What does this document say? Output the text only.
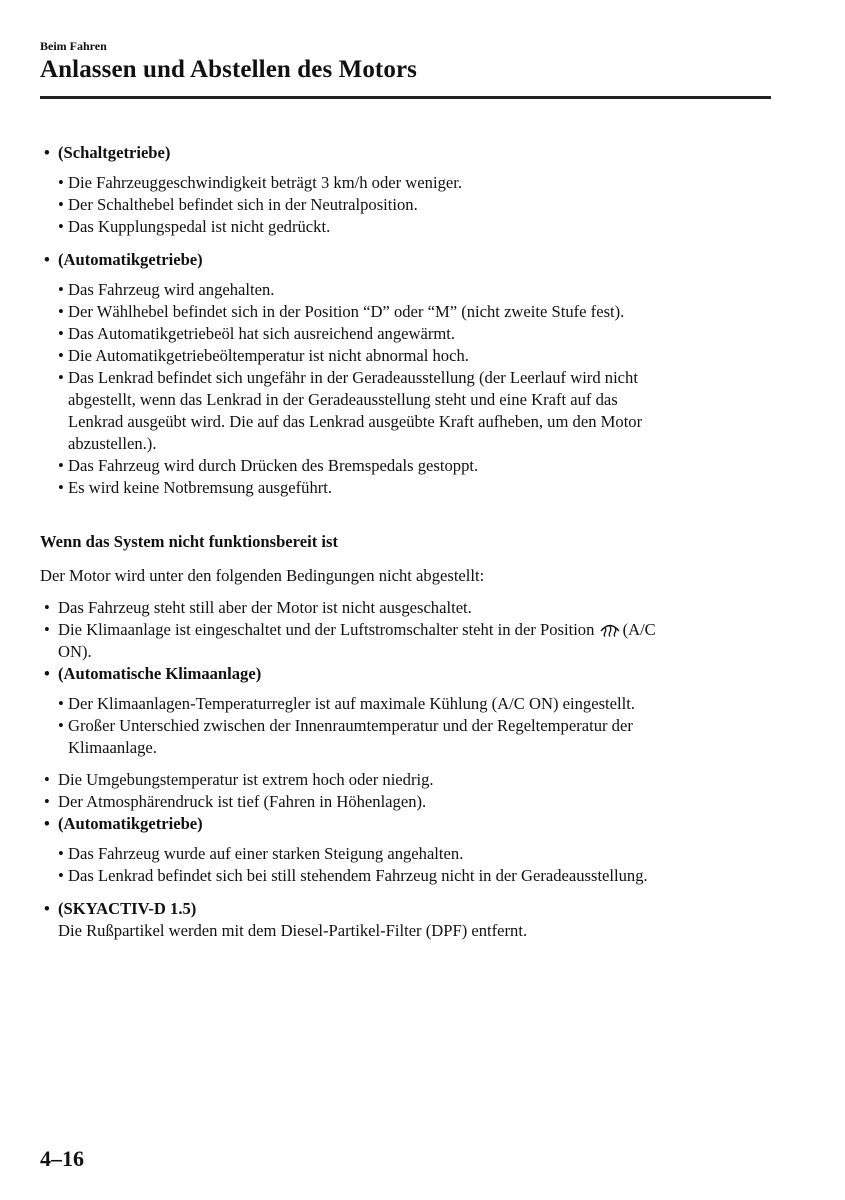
Beim Fahren
Anlassen und Abstellen des Motors
• (Schaltgetriebe)
• Die Fahrzeuggeschwindigkeit beträgt 3 km/h oder weniger.
• Der Schalthebel befindet sich in der Neutralposition.
• Das Kupplungspedal ist nicht gedrückt.
• (Automatikgetriebe)
• Das Fahrzeug wird angehalten.
• Der Wählhebel befindet sich in der Position “D” oder “M” (nicht zweite Stufe fest).
• Das Automatikgetriebeöl hat sich ausreichend angewärmt.
• Die Automatikgetriebeöltemperatur ist nicht abnormal hoch.
• Das Lenkrad befindet sich ungefähr in der Geradeausstellung (der Leerlauf wird nicht
abgestellt, wenn das Lenkrad in der Geradeausstellung steht und eine Kraft auf das
Lenkrad ausgeübt wird. Die auf das Lenkrad ausgeübte Kraft aufheben, um den Motor
abzustellen.).
• Das Fahrzeug wird durch Drücken des Bremspedals gestoppt.
• Es wird keine Notbremsung ausgeführt.
Wenn das System nicht funktionsbereit ist
Der Motor wird unter den folgenden Bedingungen nicht abgestellt:
• Das Fahrzeug steht still aber der Motor ist nicht ausgeschaltet.
• Die Klimaanlage ist eingeschaltet und der Luftstromschalter steht in der Position (A/C
ON).
• (Automatische Klimaanlage)
• Der Klimaanlagen-Temperaturregler ist auf maximale Kühlung (A/C ON) eingestellt.
• Großer Unterschied zwischen der Innenraumtemperatur und der Regeltemperatur der
Klimaanlage.
• Die Umgebungstemperatur ist extrem hoch oder niedrig.
• Der Atmosphärendruck ist tief (Fahren in Höhenlagen).
• (Automatikgetriebe)
• Das Fahrzeug wurde auf einer starken Steigung angehalten.
• Das Lenkrad befindet sich bei still stehendem Fahrzeug nicht in der Geradeausstellung.
• (SKYACTIV-D 1.5)
Die Rußpartikel werden mit dem Diesel-Partikel-Filter (DPF) entfernt.
4–16
